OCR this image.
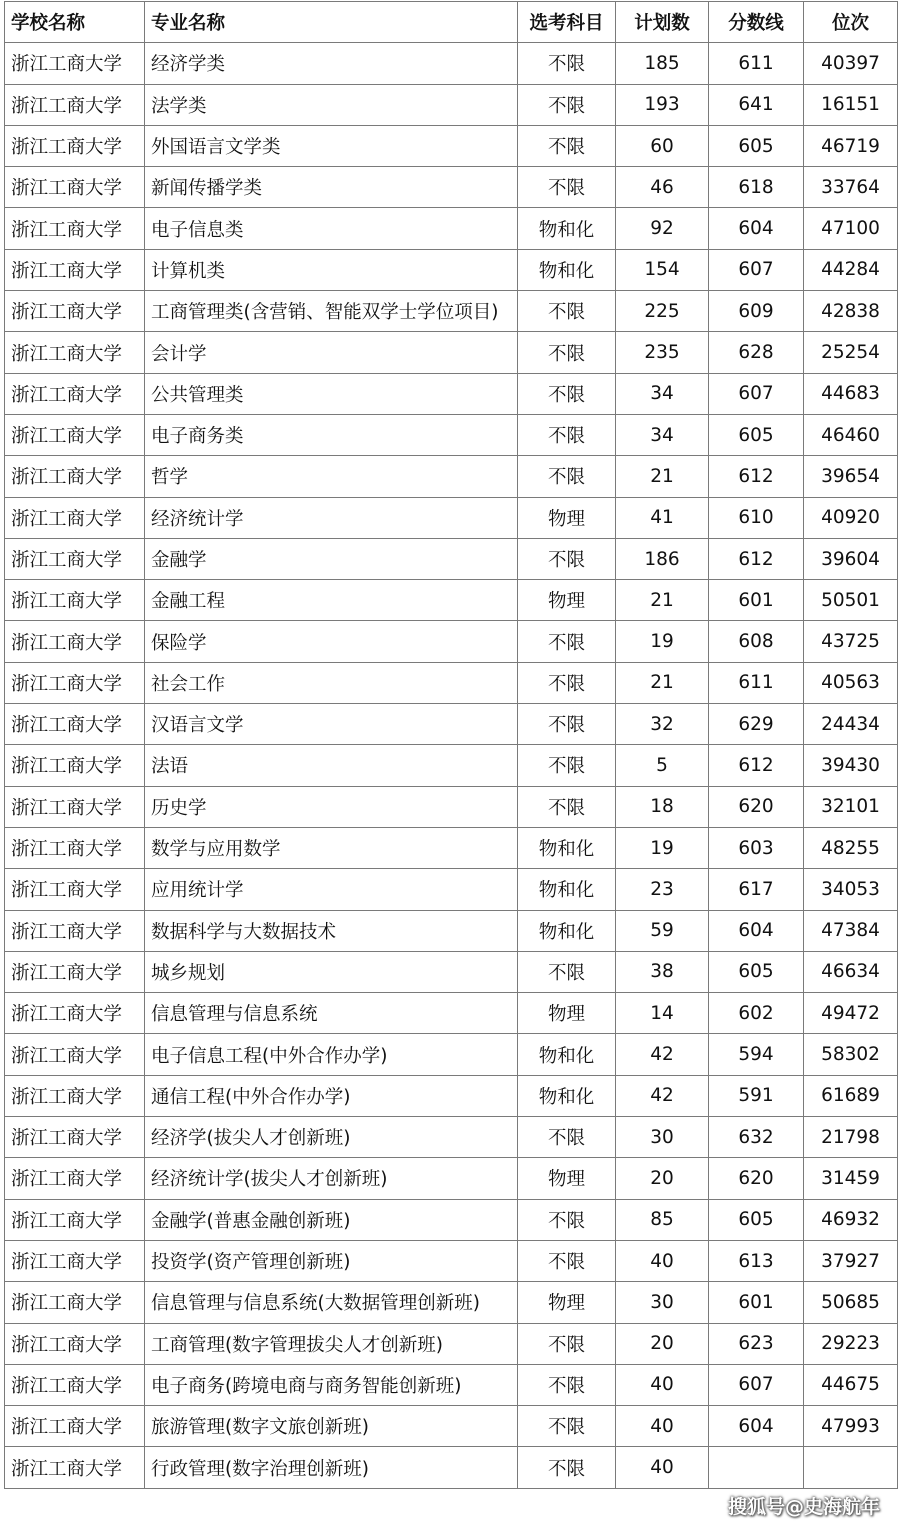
学校名称	专业名称	选考科目	计划数	分数线	位次
浙江工商大学	经济学类	不限	185	611	40397
浙江工商大学	法学类	不限	193	641	16151
浙江工商大学	外国语言文学类	不限	60	605	46719
浙江工商大学	新闻传播学类	不限	46	618	33764
浙江工商大学	电子信息类	物和化	92	604	47100
浙江工商大学	计算机类	物和化	154	607	44284
浙江工商大学	工商管理类(含营销、智能双学士学位项目)	不限	225	609	42838
浙江工商大学	会计学	不限	235	628	25254
浙江工商大学	公共管理类	不限	34	607	44683
浙江工商大学	电子商务类	不限	34	605	46460
浙江工商大学	哲学	不限	21	612	39654
浙江工商大学	经济统计学	物理	41	610	40920
浙江工商大学	金融学	不限	186	612	39604
浙江工商大学	金融工程	物理	21	601	50501
浙江工商大学	保险学	不限	19	608	43725
浙江工商大学	社会工作	不限	21	611	40563
浙江工商大学	汉语言文学	不限	32	629	24434
浙江工商大学	法语	不限	5	612	39430
浙江工商大学	历史学	不限	18	620	32101
浙江工商大学	数学与应用数学	物和化	19	603	48255
浙江工商大学	应用统计学	物和化	23	617	34053
浙江工商大学	数据科学与大数据技术	物和化	59	604	47384
浙江工商大学	城乡规划	不限	38	605	46634
浙江工商大学	信息管理与信息系统	物理	14	602	49472
浙江工商大学	电子信息工程(中外合作办学)	物和化	42	594	58302
浙江工商大学	通信工程(中外合作办学)	物和化	42	591	61689
浙江工商大学	经济学(拔尖人才创新班)	不限	30	632	21798
浙江工商大学	经济统计学(拔尖人才创新班)	物理	20	620	31459
浙江工商大学	金融学(普惠金融创新班)	不限	85	605	46932
浙江工商大学	投资学(资产管理创新班)	不限	40	613	37927
浙江工商大学	信息管理与信息系统(大数据管理创新班)	物理	30	601	50685
浙江工商大学	工商管理(数字管理拔尖人才创新班)	不限	20	623	29223
浙江工商大学	电子商务(跨境电商与商务智能创新班)	不限	40	607	44675
浙江工商大学	旅游管理(数字文旅创新班)	不限	40	604	47993
浙江工商大学	行政管理(数字治理创新班)	不限	40		
搜狐号@史海航年
